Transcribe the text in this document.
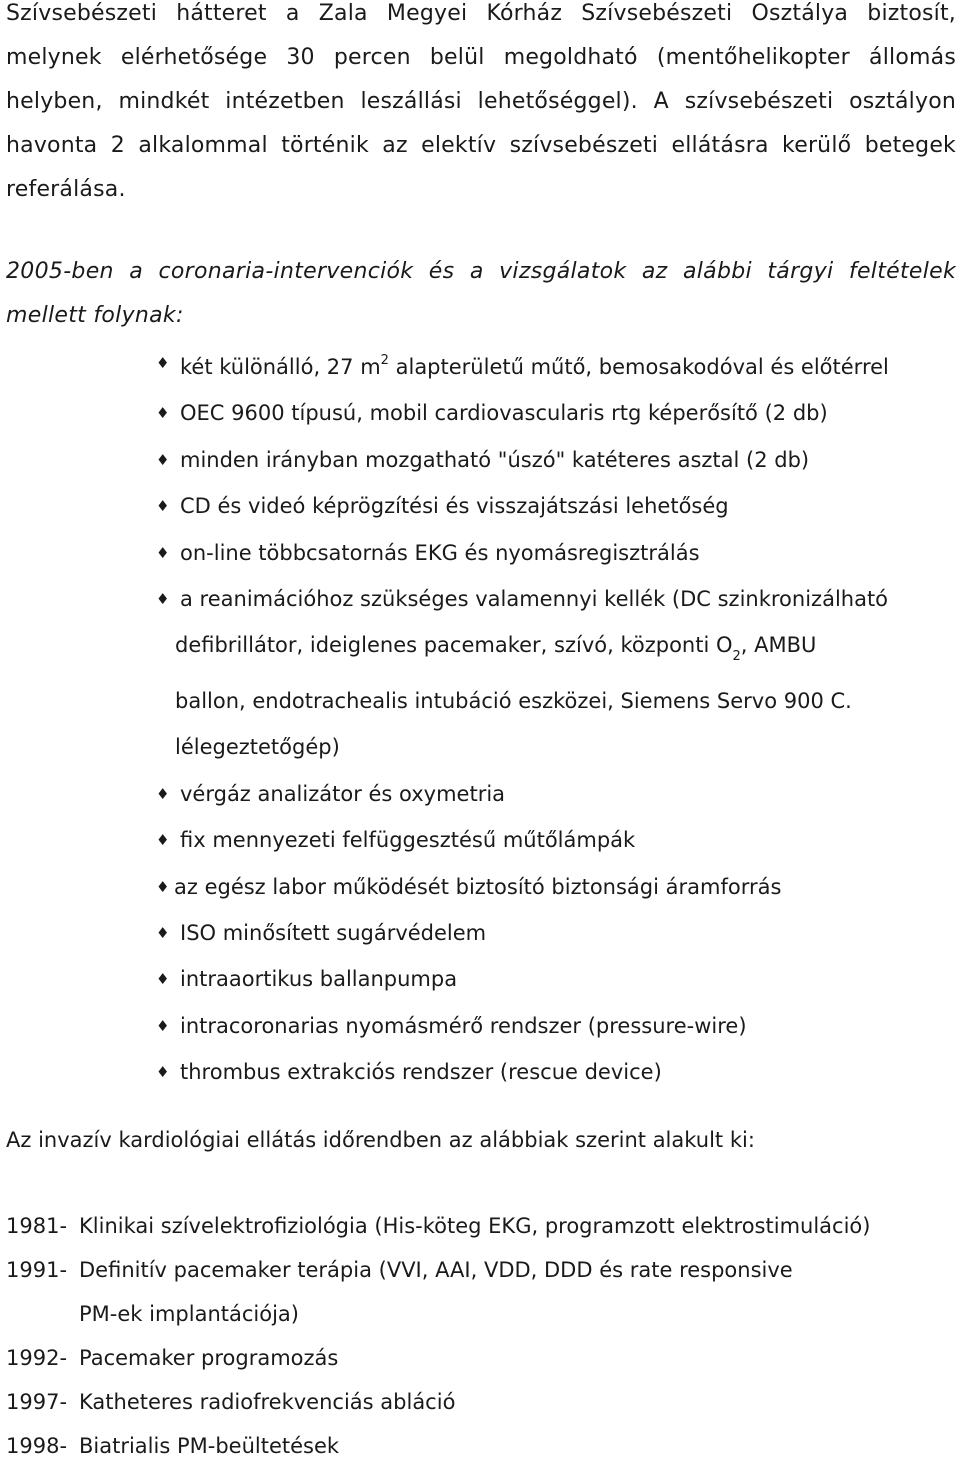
Szívsebészeti hátteret a Zala Megyei Kórház Szívsebészeti Osztálya biztosít, melynek elérhetősége 30 percen belül megoldható (mentőhelikopter állomás helyben, mindkét intézetben leszállási lehetőséggel). A szívsebészeti osztályon havonta 2 alkalommal történik az elektív szívsebészeti ellátásra kerülő betegek referálása.

2005-ben a coronaria-intervenciók és a vizsgálatok az alábbi tárgyi feltételek mellett folynak:

♦ két különálló, 27 $m^2$ alapterületű műtő, bemosakodóval és előtérrel
♦ OEC 9600 típusú, mobil cardiovascularis rtg képerősítő (2 db)
♦ minden irányban mozgatható "úszó" katéteres asztal (2 db)
♦ CD és videó képrögzítési és visszajátszási lehetőség
♦ on-line többcsatornás EKG és nyomásregisztrálás
♦ a reanimációhoz szükséges valamennyi kellék (DC szinkronizálható
defibrillátor, ideiglenes pacemaker, szívó, központi $O_2$, AMBU
ballon, endotrachealis intubáció eszközei, Siemens Servo 900 C.
lélegeztetőgép)
♦ vérgáz analizátor és oxymetria
♦ fix mennyezeti felfüggesztésű műtőlámpák
♦ az egész labor működését biztosító biztonsági áramforrás
♦ ISO minősített sugárvédelem
♦ intraaortikus ballanpumpa
♦ intracoronarias nyomásmérő rendszer (pressure-wire)
♦ thrombus extrakciós rendszer (rescue device)

Az invazív kardiológiai ellátás időrendben az alábbiak szerint alakult ki:

1981- Klinikai szívelektrofiziológia (His-köteg EKG, programzott elektrostimuláció)
1991- Definitív pacemaker terápia (VVI, AAI, VDD, DDD és rate responsive
PM-ek implantációja)
1992- Pacemaker programozás
1997- Katheteres radiofrekvenciás abláció
1998- Biatrialis PM-beültetések
